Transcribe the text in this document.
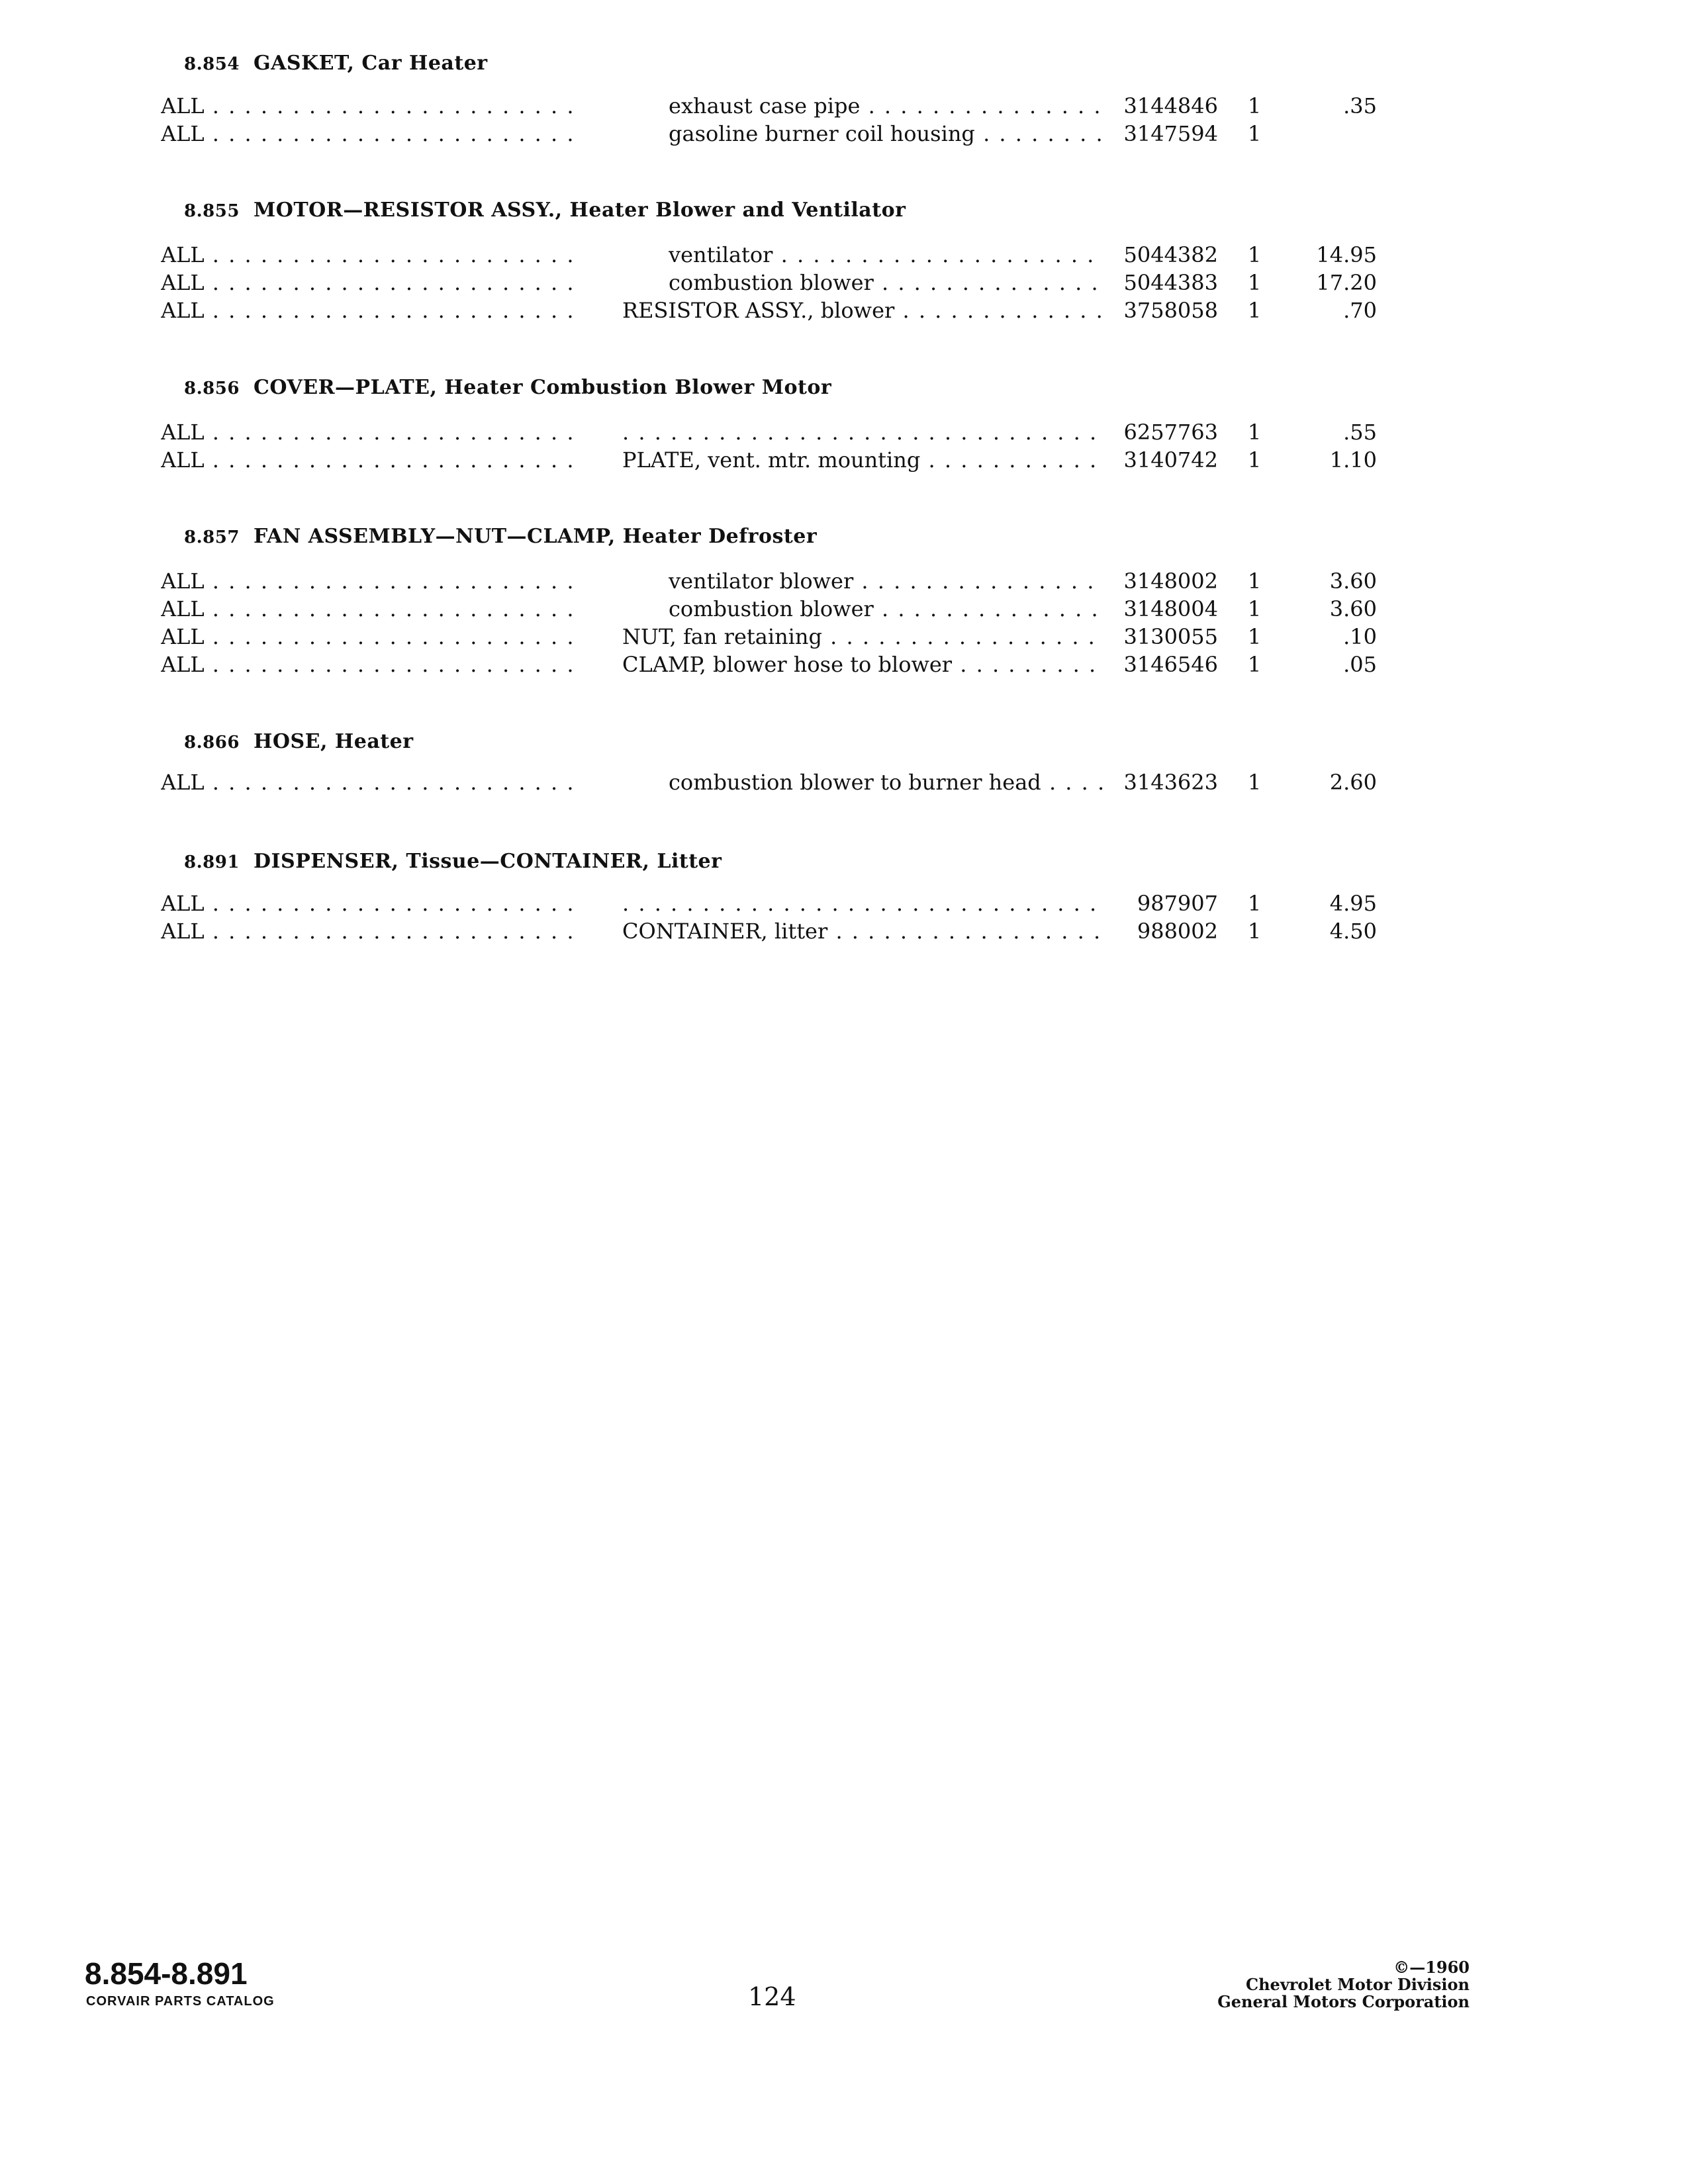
8.854 GASKET, Car Heater
ALL . . .	exhaust case pipe . . .	3144846 1	.35
ALL . . .	gasoline burner coil housing . . .	3147594 1
8.855 MOTOR—RESISTOR ASSY., Heater Blower and Ventilator
ALL . . .	ventilator . . .	5044382 1	14.95
ALL . . .	combustion blower . . .	5044383 1	17.20
ALL . . .	RESISTOR ASSY., blower . . .	3758058 1	.70
8.856 COVER—PLATE, Heater Combustion Blower Motor
ALL . . . . . .	6257763 1	.55
ALL . . .	PLATE, vent. mtr. mounting . . .	3140742 1	1.10
8.857 FAN ASSEMBLY—NUT—CLAMP, Heater Defroster
ALL . . .	ventilator blower . . .	3148002 1	3.60
ALL . . .	combustion blower . . .	3148004 1	3.60
ALL . . .	NUT, fan retaining . . .	3130055 1	.10
ALL . . .	CLAMP, blower hose to blower . . .	3146546 1	.05
8.866 HOSE, Heater
ALL . . .	combustion blower to burner head . . .	3143623 1	2.60
8.891 DISPENSER, Tissue—CONTAINER, Litter
ALL . . . . . .	987907 1	4.95
ALL . . .	CONTAINER, litter . . .	988002 1	4.50
8.854-8.891
CORVAIR PARTS CATALOG	124
©—1960
Chevrolet Motor Division
General Motors Corporation
